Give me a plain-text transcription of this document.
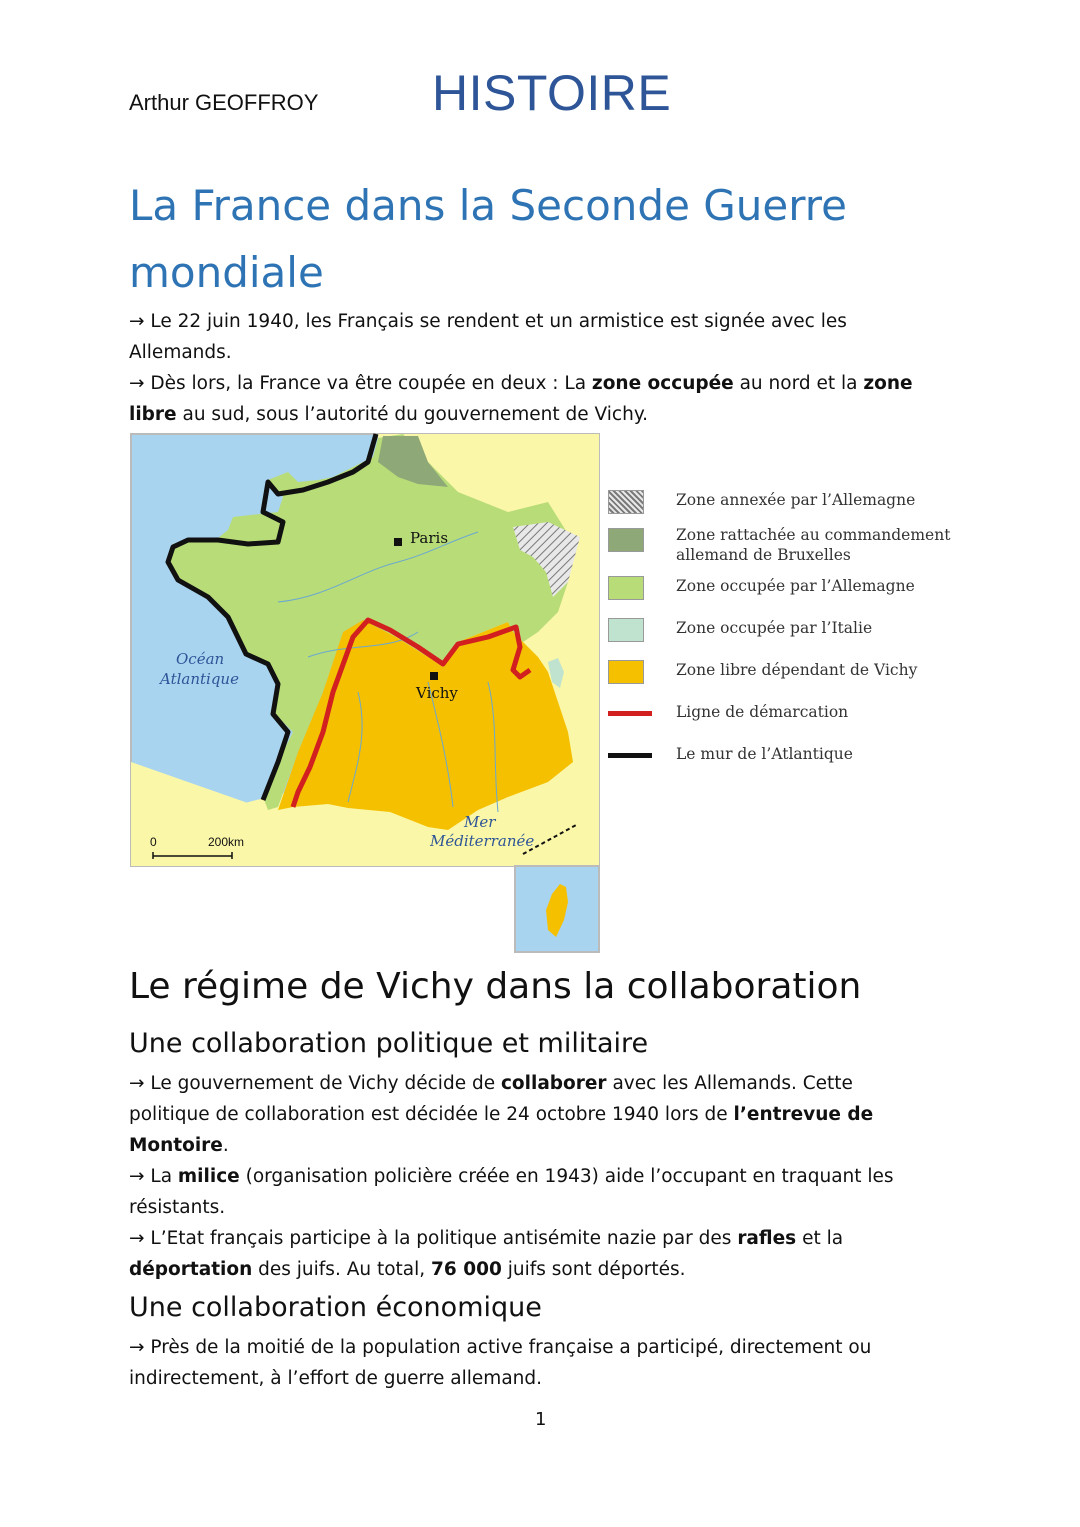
Arthur GEOFFROY HISTOIRE
La France dans la Seconde Guerre mondiale

→ Le 22 juin 1940, les Français se rendent et un armistice est signée avec les Allemands.

→ Dès lors, la France va être coupée en deux : La zone occupée au nord et la zone libre au sud, sous l’autorité du gouvernement de Vichy.

Paris
Vichy
Océan
Atlantique
Mer
Méditerranée
0	200km
Zone annexée par l’Allemagne
Zone rattachée au commandement allemand de Bruxelles
Zone occupée par l’Allemagne
Zone occupée par l’Italie
Zone libre dépendant de Vichy
Ligne de démarcation
Le mur de l’Atlantique
Le régime de Vichy dans la collaboration
Une collaboration politique et militaire

→ Le gouvernement de Vichy décide de collaborer avec les Allemands. Cette politique de collaboration est décidée le 24 octobre 1940 lors de l’entrevue de Montoire.

→ La milice (organisation policière créée en 1943) aide l’occupant en traquant les résistants.

→ L’Etat français participe à la politique antisémite nazie par des rafles et la déportation des juifs. Au total, 76 000 juifs sont déportés.

Une collaboration économique

→ Près de la moitié de la population active française a participé, directement ou indirectement, à l’effort de guerre allemand.

1
